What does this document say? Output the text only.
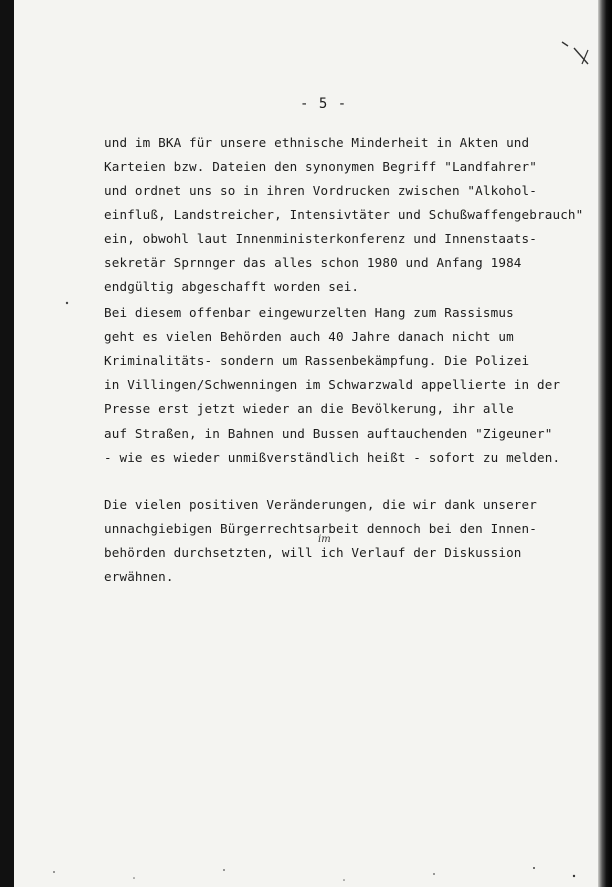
- 5 -
und im BKA für unsere ethnische Minderheit in Akten und
Karteien bzw. Dateien den synonymen Begriff "Landfahrer"
und ordnet uns so in ihren Vordrucken zwischen "Alkohol-
einfluß, Landstreicher, Intensivtäter und Schußwaffengebrauch"
ein, obwohl laut Innenministerkonferenz und Innenstaats-
sekretär Sprnnger das alles schon 1980 und Anfang 1984
endgültig abgeschafft worden sei.
Bei diesem offenbar eingewurzelten Hang zum Rassismus
geht es vielen Behörden auch 40 Jahre danach nicht um
Kriminalitäts- sondern um Rassenbekämpfung. Die Polizei
in Villingen/Schwenningen im Schwarzwald appellierte in der
Presse erst jetzt wieder an die Bevölkerung, ihr alle
auf Straßen, in Bahnen und Bussen auftauchenden "Zigeuner"
- wie es wieder unmißverständlich heißt - sofort zu melden.
Die vielen positiven Veränderungen, die wir dank unserer
unnachgiebigen Bürgerrechtsarbeit dennoch bei den Innen-
behörden durchsetzten, will ich Verlauf der Diskussion
erwähnen.
im
